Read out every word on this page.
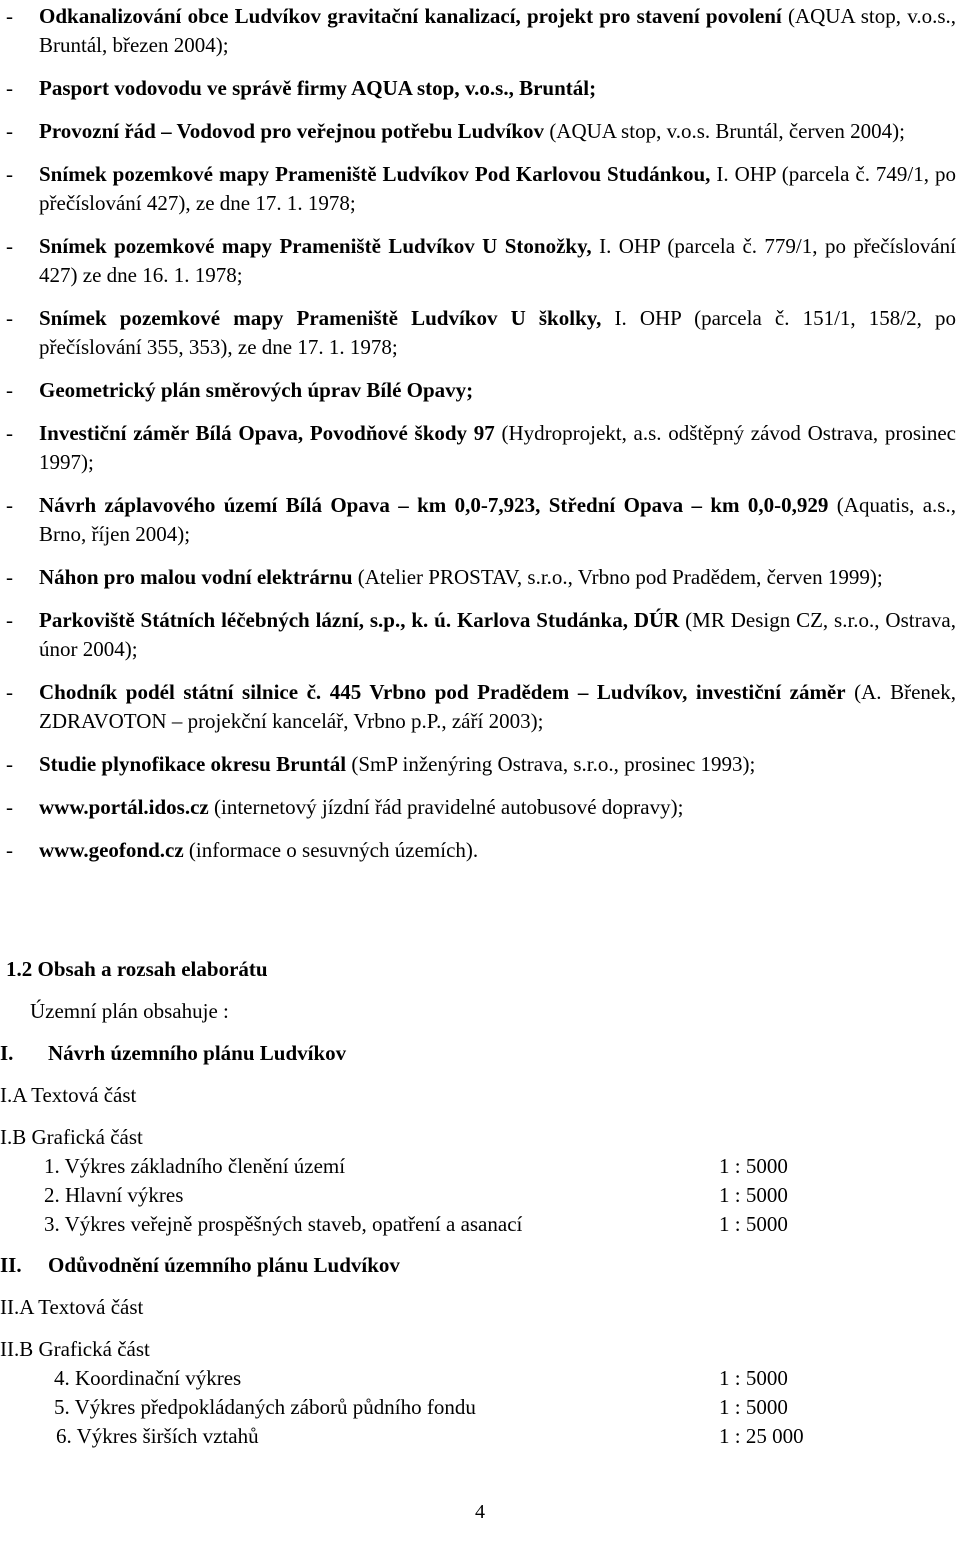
-	Odkanalizování obce Ludvíkov gravitační kanalizací, projekt pro stavení povolení (AQUA stop, v.o.s., Bruntál, březen 2004);
-	Pasport vodovodu ve správě firmy AQUA stop, v.o.s., Bruntál;
-	Provozní řád – Vodovod pro veřejnou potřebu Ludvíkov (AQUA stop, v.o.s. Bruntál, červen 2004);
-	Snímek pozemkové mapy Prameniště Ludvíkov Pod Karlovou Studánkou, I. OHP (parcela č. 749/1, po přečíslování 427), ze dne 17. 1. 1978;
-	Snímek pozemkové mapy Prameniště Ludvíkov U Stonožky, I. OHP (parcela č. 779/1, po přečíslování 427) ze dne 16. 1. 1978;
-	Snímek pozemkové mapy Prameniště Ludvíkov U školky, I. OHP (parcela č. 151/1, 158/2, po přečíslování 355, 353), ze dne 17. 1. 1978;
-	Geometrický plán směrových úprav Bílé Opavy;
-	Investiční záměr Bílá Opava, Povodňové škody 97 (Hydroprojekt, a.s. odštěpný závod Ostrava, prosinec 1997);
-	Návrh záplavového území Bílá Opava – km 0,0-7,923, Střední Opava – km 0,0-0,929 (Aquatis, a.s., Brno, říjen 2004);
-	Náhon pro malou vodní elektrárnu (Atelier PROSTAV, s.r.o., Vrbno pod Pradědem, červen 1999);
-	Parkoviště Státních léčebných lázní, s.p., k. ú. Karlova Studánka, DÚR (MR Design CZ, s.r.o., Ostrava, únor 2004);
-	Chodník podél státní silnice č. 445 Vrbno pod Pradědem – Ludvíkov, investiční záměr (A. Břenek, ZDRAVOTON – projekční kancelář, Vrbno p.P., září 2003);
-	Studie plynofikace okresu Bruntál (SmP inženýring Ostrava, s.r.o., prosinec 1993);
-	www.portál.idos.cz (internetový jízdní řád pravidelné autobusové dopravy);
-	www.geofond.cz (informace o sesuvných územích).
1.2 Obsah a rozsah elaborátu
Územní plán obsahuje :
I. Návrh územního plánu Ludvíkov
I.A Textová část
I.B Grafická část
1. Výkres základního členění území	1 : 5000
2. Hlavní výkres	1 : 5000
3. Výkres veřejně prospěšných staveb, opatření a asanací	1 : 5000
II. Odůvodnění územního plánu Ludvíkov
II.A Textová část
II.B Grafická část
4. Koordinační výkres	1 : 5000
5. Výkres předpokládaných záborů půdního fondu	1 : 5000
6. Výkres širších vztahů	1 : 25 000
4
